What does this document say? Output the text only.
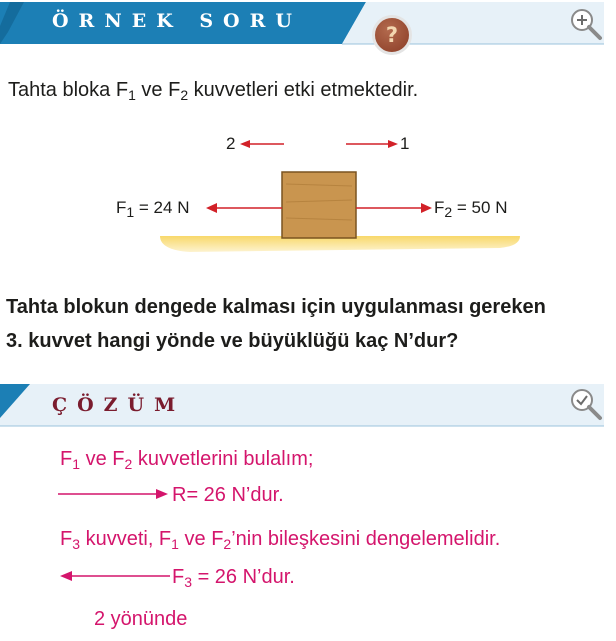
ÖRNEK SORU
?
Tahta bloka $F_1$ ve $F_2$ kuvvetleri etki etmektedir.
2	1
$F_1 = 24$ N	$F_2 = 50$ N
Tahta blokun dengede kalması için uygulanması gereken
3. kuvvet hangi yönde ve büyüklüğü kaç N’dur?
ÇÖZÜM
$F_1$ ve $F_2$ kuvvetlerini bulalım;
R= 26 N’dur.
$F_3$ kuvveti, $F_1$ ve $F_2’nin$ bileşkesini dengelemelidir.
$F_3 = 26$ N’dur.
2 yönünde
